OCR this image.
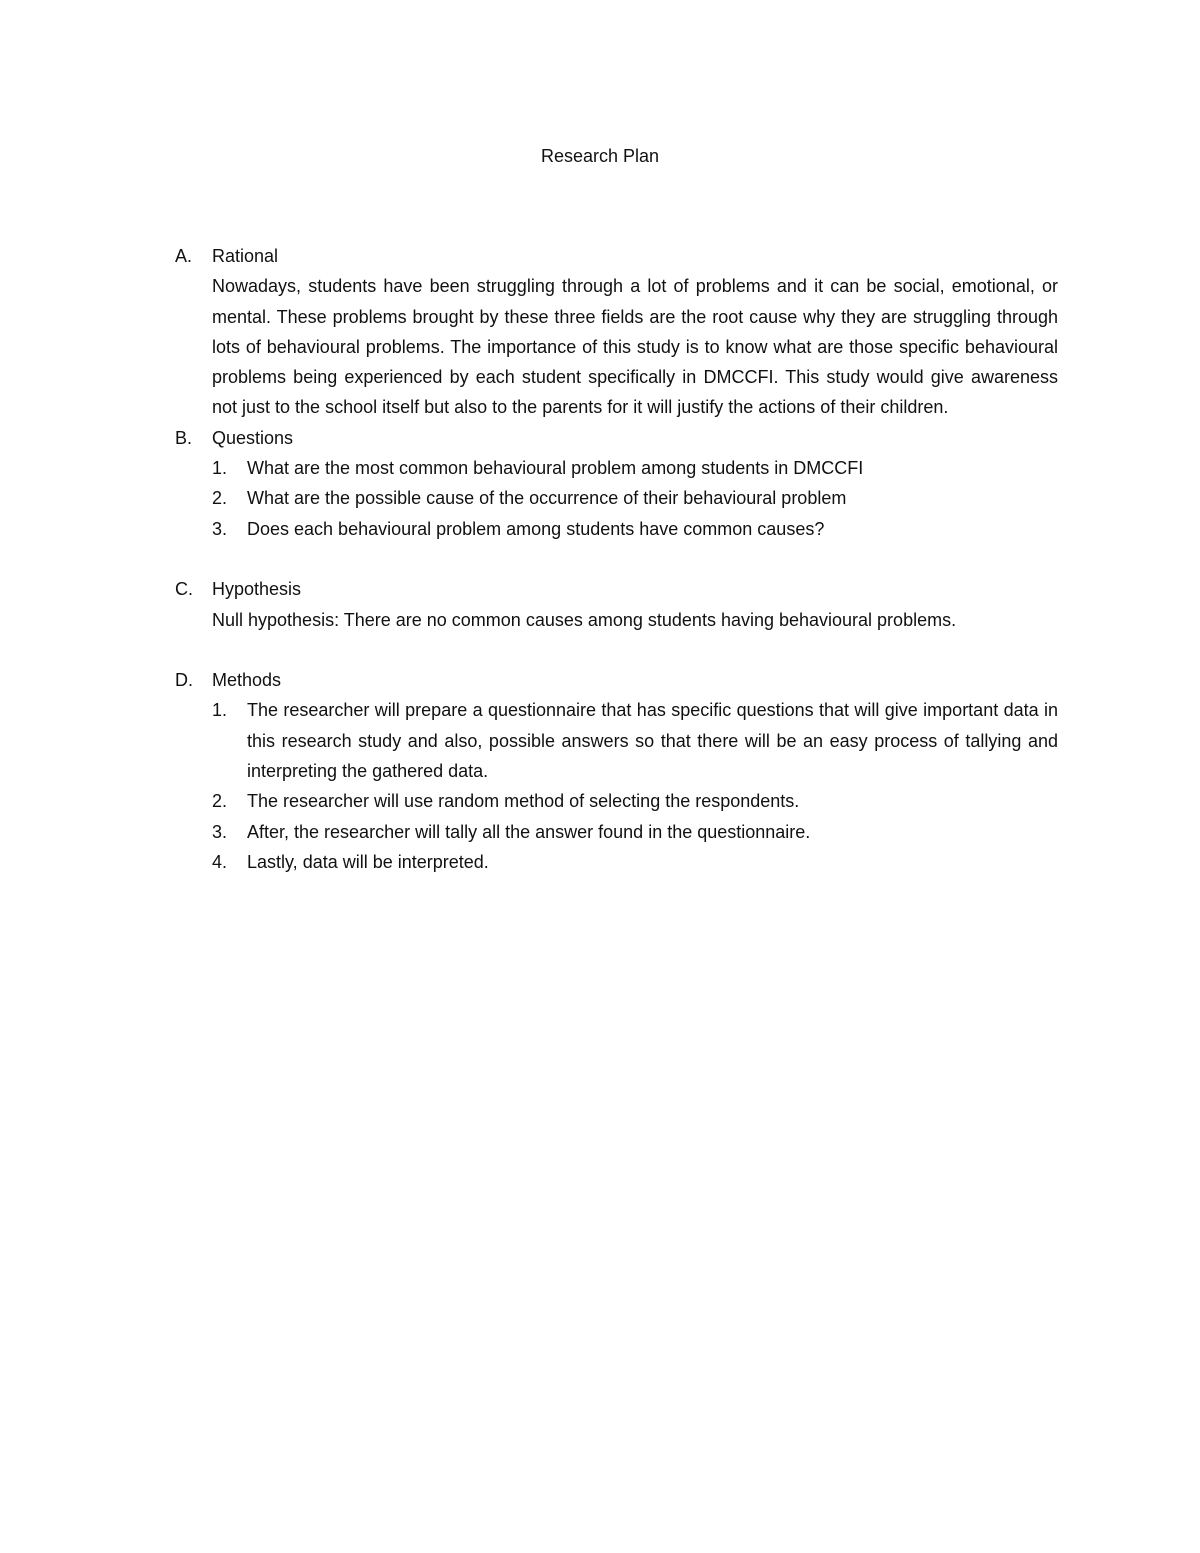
Research Plan
A.	Rational

Nowadays, students have been struggling through a lot of problems and it can be social, emotional, or mental. These problems brought by these three fields are the root cause why they are struggling through lots of behavioural problems. The importance of this study is to know what are those specific behavioural problems being experienced by each student specifically in DMCCFI. This study would give awareness not just to the school itself but also to the parents for it will justify the actions of their children.

B.	Questions
1.	What are the most common behavioural problem among students in DMCCFI
2.	What are the possible cause of the occurrence of their behavioural problem
3.	Does each behavioural problem among students have common causes?
C.	Hypothesis

Null hypothesis: There are no common causes among students having behavioural problems.

D.	Methods
1.	The researcher will prepare a questionnaire that has specific questions that will give important data in this research study and also, possible answers so that there will be an easy process of tallying and interpreting the gathered data.
2.	The researcher will use random method of selecting the respondents.
3.	After, the researcher will tally all the answer found in the questionnaire.
4.	Lastly, data will be interpreted.
